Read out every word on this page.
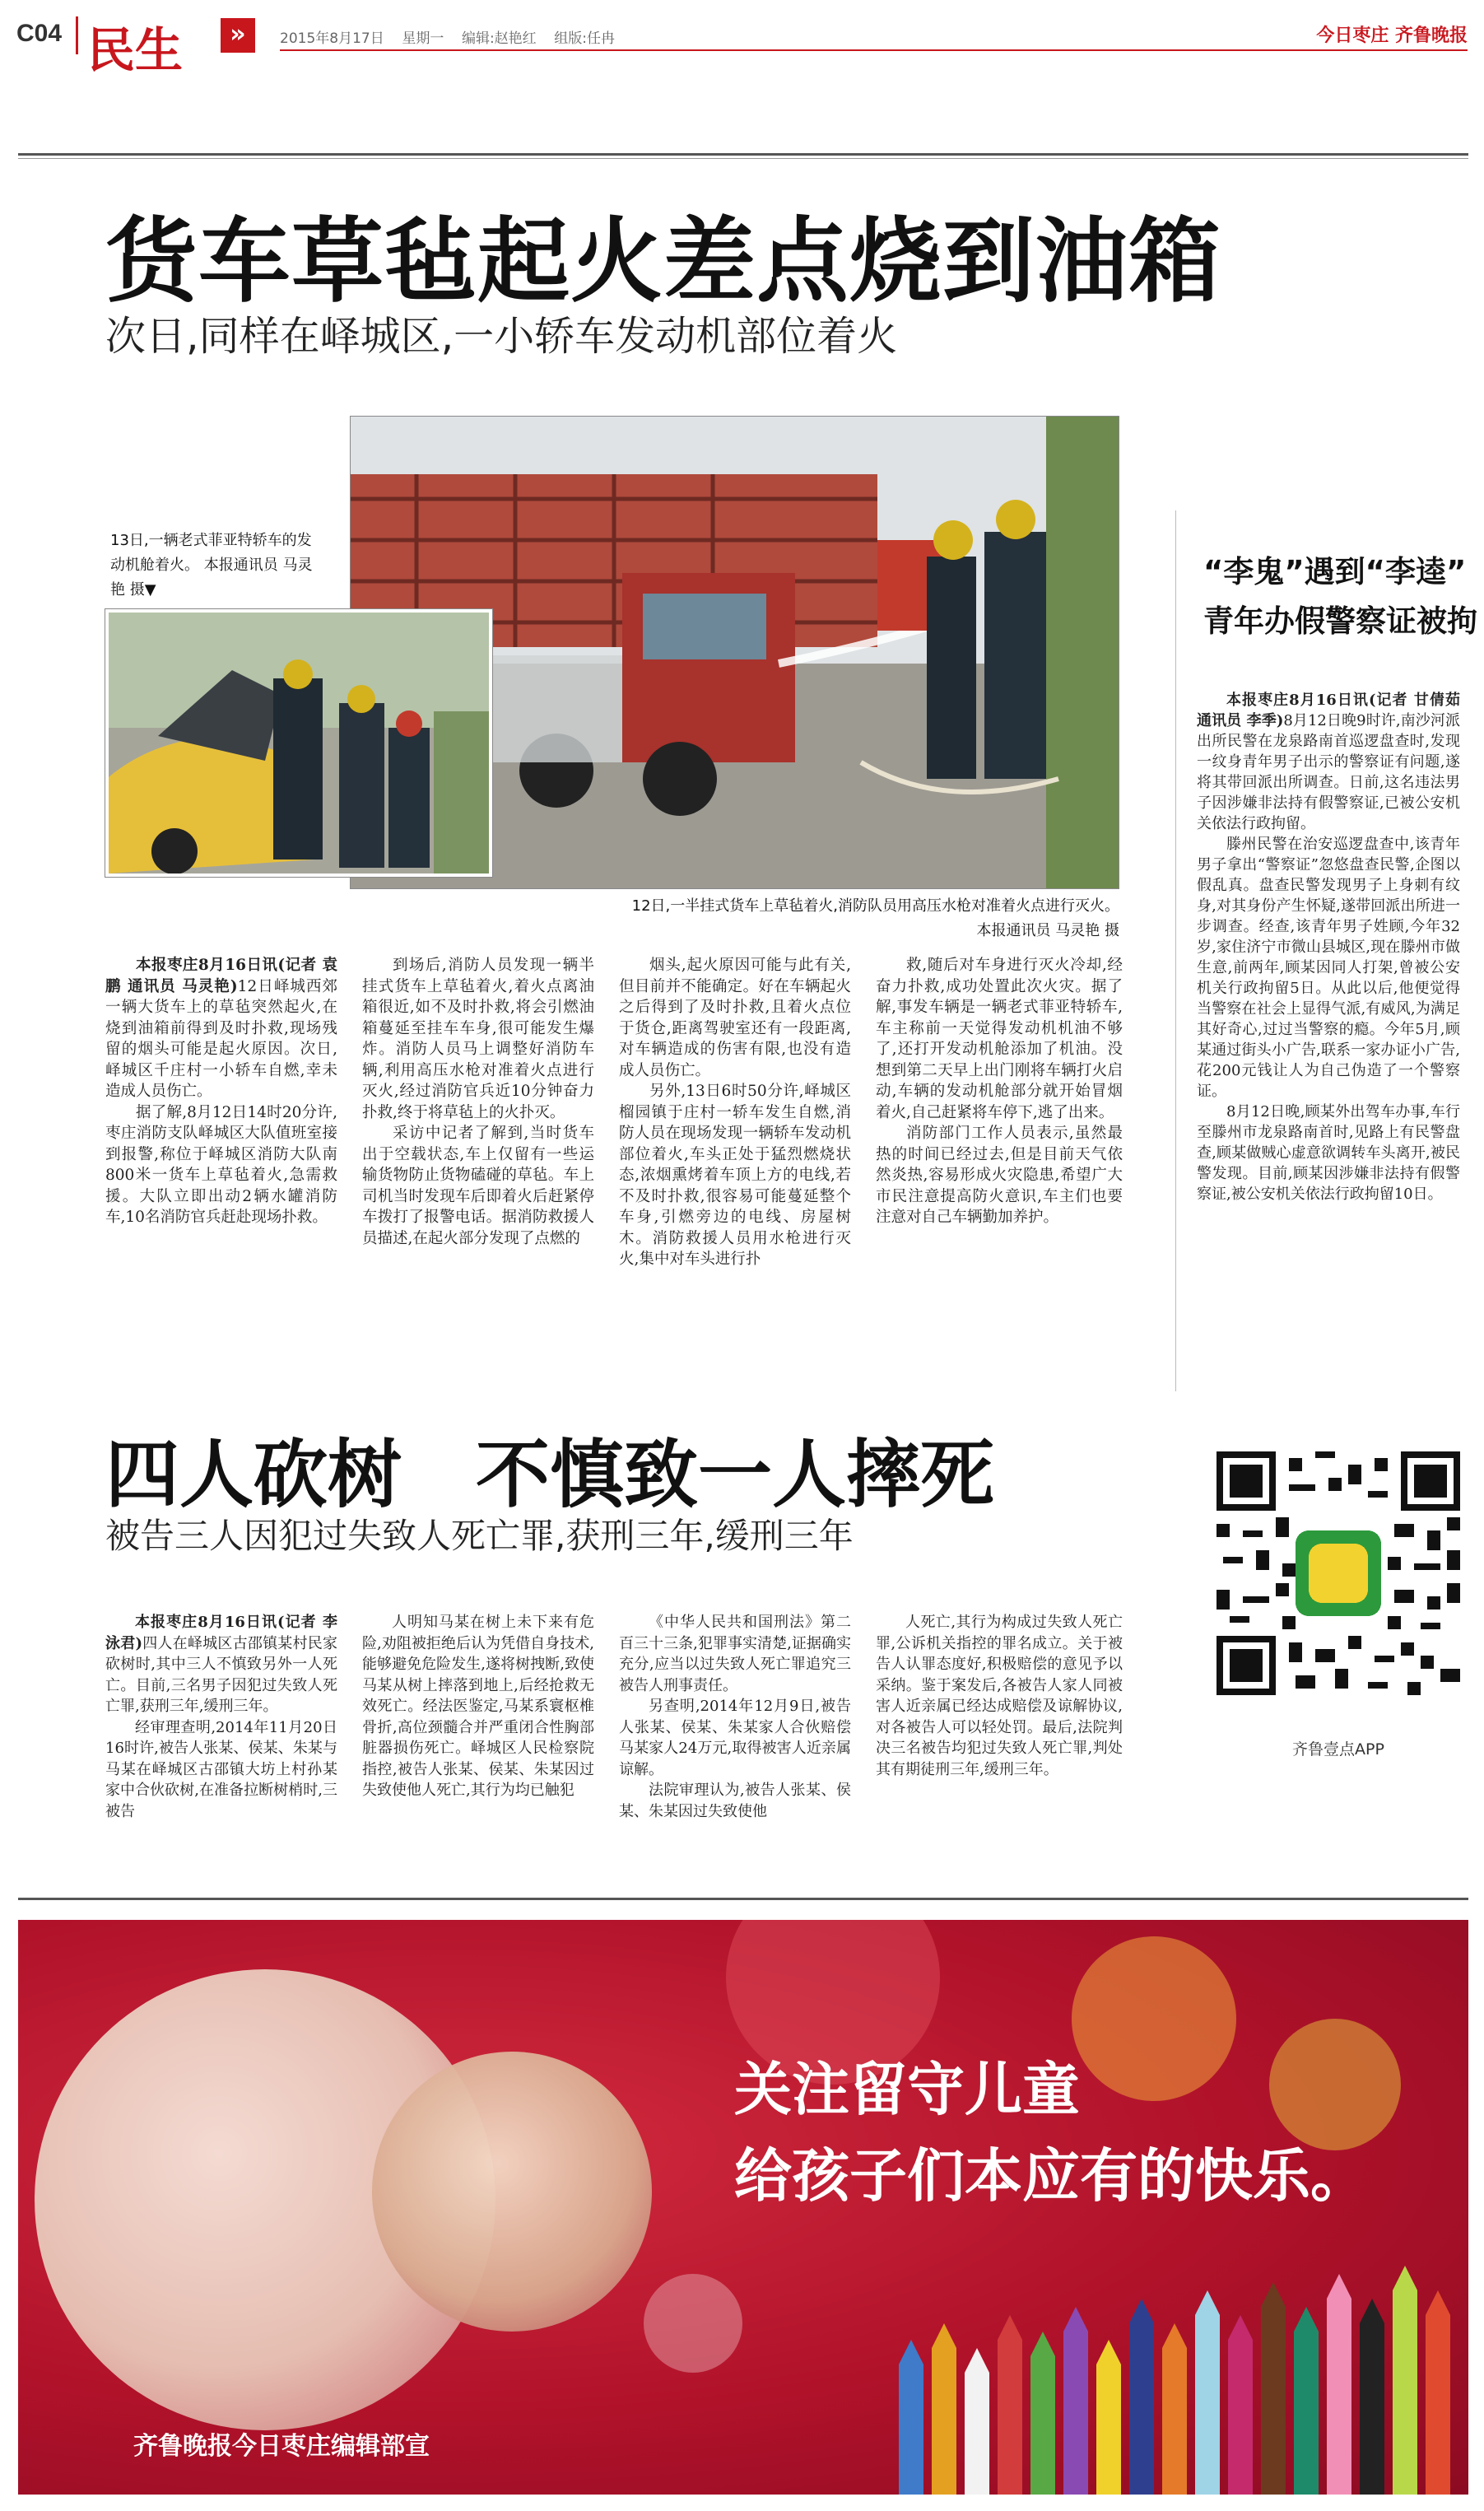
C04 民生	»	2015年8月17日    星期一    编辑:赵艳红    组版:任冉	今日枣庄 齐鲁晚报
货车草毡起火差点烧到油箱
次日,同样在峄城区,一小轿车发动机部位着火
13日,一辆老式菲亚特轿车的发动机舱着火。 本报通讯员 马灵艳 摄▼
12日,一半挂式货车上草毡着火,消防队员用高压水枪对准着火点进行灭火。
本报通讯员 马灵艳 摄

本报枣庄8月16日讯(记者 袁鹏 通讯员 马灵艳)12日峄城西郊一辆大货车上的草毡突然起火,在烧到油箱前得到及时扑救,现场残留的烟头可能是起火原因。次日,峄城区千庄村一小轿车自燃,幸未造成人员伤亡。

据了解,8月12日14时20分许,枣庄消防支队峄城区大队值班室接到报警,称位于峄城区消防大队南800米一货车上草毡着火,急需救援。大队立即出动2辆水罐消防车,10名消防官兵赶赴现场扑救。

到场后,消防人员发现一辆半挂式货车上草毡着火,着火点离油箱很近,如不及时扑救,将会引燃油箱蔓延至挂车车身,很可能发生爆炸。消防人员马上调整好消防车辆,利用高压水枪对准着火点进行灭火,经过消防官兵近10分钟奋力扑救,终于将草毡上的火扑灭。

采访中记者了解到,当时货车出于空载状态,车上仅留有一些运输货物防止货物磕碰的草毡。车上司机当时发现车后即着火后赶紧停车拨打了报警电话。据消防救援人员描述,在起火部分发现了点燃的

烟头,起火原因可能与此有关,但目前并不能确定。好在车辆起火之后得到了及时扑救,且着火点位于货仓,距离驾驶室还有一段距离,对车辆造成的伤害有限,也没有造成人员伤亡。

另外,13日6时50分许,峄城区榴园镇于庄村一轿车发生自燃,消防人员在现场发现一辆轿车发动机部位着火,车头正处于猛烈燃烧状态,浓烟熏烤着车顶上方的电线,若不及时扑救,很容易可能蔓延整个车身,引燃旁边的电线、房屋树木。消防救援人员用水枪进行灭火,集中对车头进行扑

救,随后对车身进行灭火冷却,经奋力扑救,成功处置此次火灾。据了解,事发车辆是一辆老式菲亚特轿车,车主称前一天觉得发动机机油不够了,还打开发动机舱添加了机油。没想到第二天早上出门刚将车辆打火启动,车辆的发动机舱部分就开始冒烟着火,自己赶紧将车停下,逃了出来。

消防部门工作人员表示,虽然最热的时间已经过去,但是目前天气依然炎热,容易形成火灾隐患,希望广大市民注意提高防火意识,车主们也要注意对自己车辆勤加养护。

“李鬼”遇到“李逵”
青年办假警察证被拘

本报枣庄8月16日讯(记者 甘倩茹 通讯员 李季)8月12日晚9时许,南沙河派出所民警在龙泉路南首巡逻盘查时,发现一纹身青年男子出示的警察证有问题,遂将其带回派出所调查。日前,这名违法男子因涉嫌非法持有假警察证,已被公安机关依法行政拘留。

滕州民警在治安巡逻盘查中,该青年男子拿出“警察证”忽悠盘查民警,企图以假乱真。盘查民警发现男子上身刺有纹身,对其身份产生怀疑,遂带回派出所进一步调查。经查,该青年男子姓顾,今年32岁,家住济宁市微山县城区,现在滕州市做生意,前两年,顾某因同人打架,曾被公安机关行政拘留5日。从此以后,他便觉得当警察在社会上显得气派,有威风,为满足其好奇心,过过当警察的瘾。今年5月,顾某通过街头小广告,联系一家办证小广告,花200元钱让人为自己伪造了一个警察证。

8月12日晚,顾某外出驾车办事,车行至滕州市龙泉路南首时,见路上有民警盘查,顾某做贼心虚意欲调转车头离开,被民警发现。目前,顾某因涉嫌非法持有假警察证,被公安机关依法行政拘留10日。

齐鲁壹点APP
四人砍树　不慎致一人摔死
被告三人因犯过失致人死亡罪,获刑三年,缓刑三年

本报枣庄8月16日讯(记者 李泳君)四人在峄城区古邵镇某村民家砍树时,其中三人不慎致另外一人死亡。目前,三名男子因犯过失致人死亡罪,获刑三年,缓刑三年。

经审理查明,2014年11月20日16时许,被告人张某、侯某、朱某与马某在峄城区古邵镇大坊上村孙某家中合伙砍树,在准备拉断树梢时,三被告

人明知马某在树上未下来有危险,劝阻被拒绝后认为凭借自身技术,能够避免危险发生,遂将树拽断,致使马某从树上摔落到地上,后经抢救无效死亡。经法医鉴定,马某系寰枢椎骨折,高位颈髓合并严重闭合性胸部脏器损伤死亡。峄城区人民检察院指控,被告人张某、侯某、朱某因过失致使他人死亡,其行为均已触犯

《中华人民共和国刑法》第二百三十三条,犯罪事实清楚,证据确实充分,应当以过失致人死亡罪追究三被告人刑事责任。

另查明,2014年12月9日,被告人张某、侯某、朱某家人合伙赔偿马某家人24万元,取得被害人近亲属谅解。

法院审理认为,被告人张某、侯某、朱某因过失致使他

人死亡,其行为构成过失致人死亡罪,公诉机关指控的罪名成立。关于被告人认罪态度好,积极赔偿的意见予以采纳。鉴于案发后,各被告人家人同被害人近亲属已经达成赔偿及谅解协议,对各被告人可以轻处罚。最后,法院判决三名被告均犯过失致人死亡罪,判处其有期徒刑三年,缓刑三年。

关注留守儿童
给孩子们本应有的快乐。
齐鲁晚报今日枣庄编辑部宣
